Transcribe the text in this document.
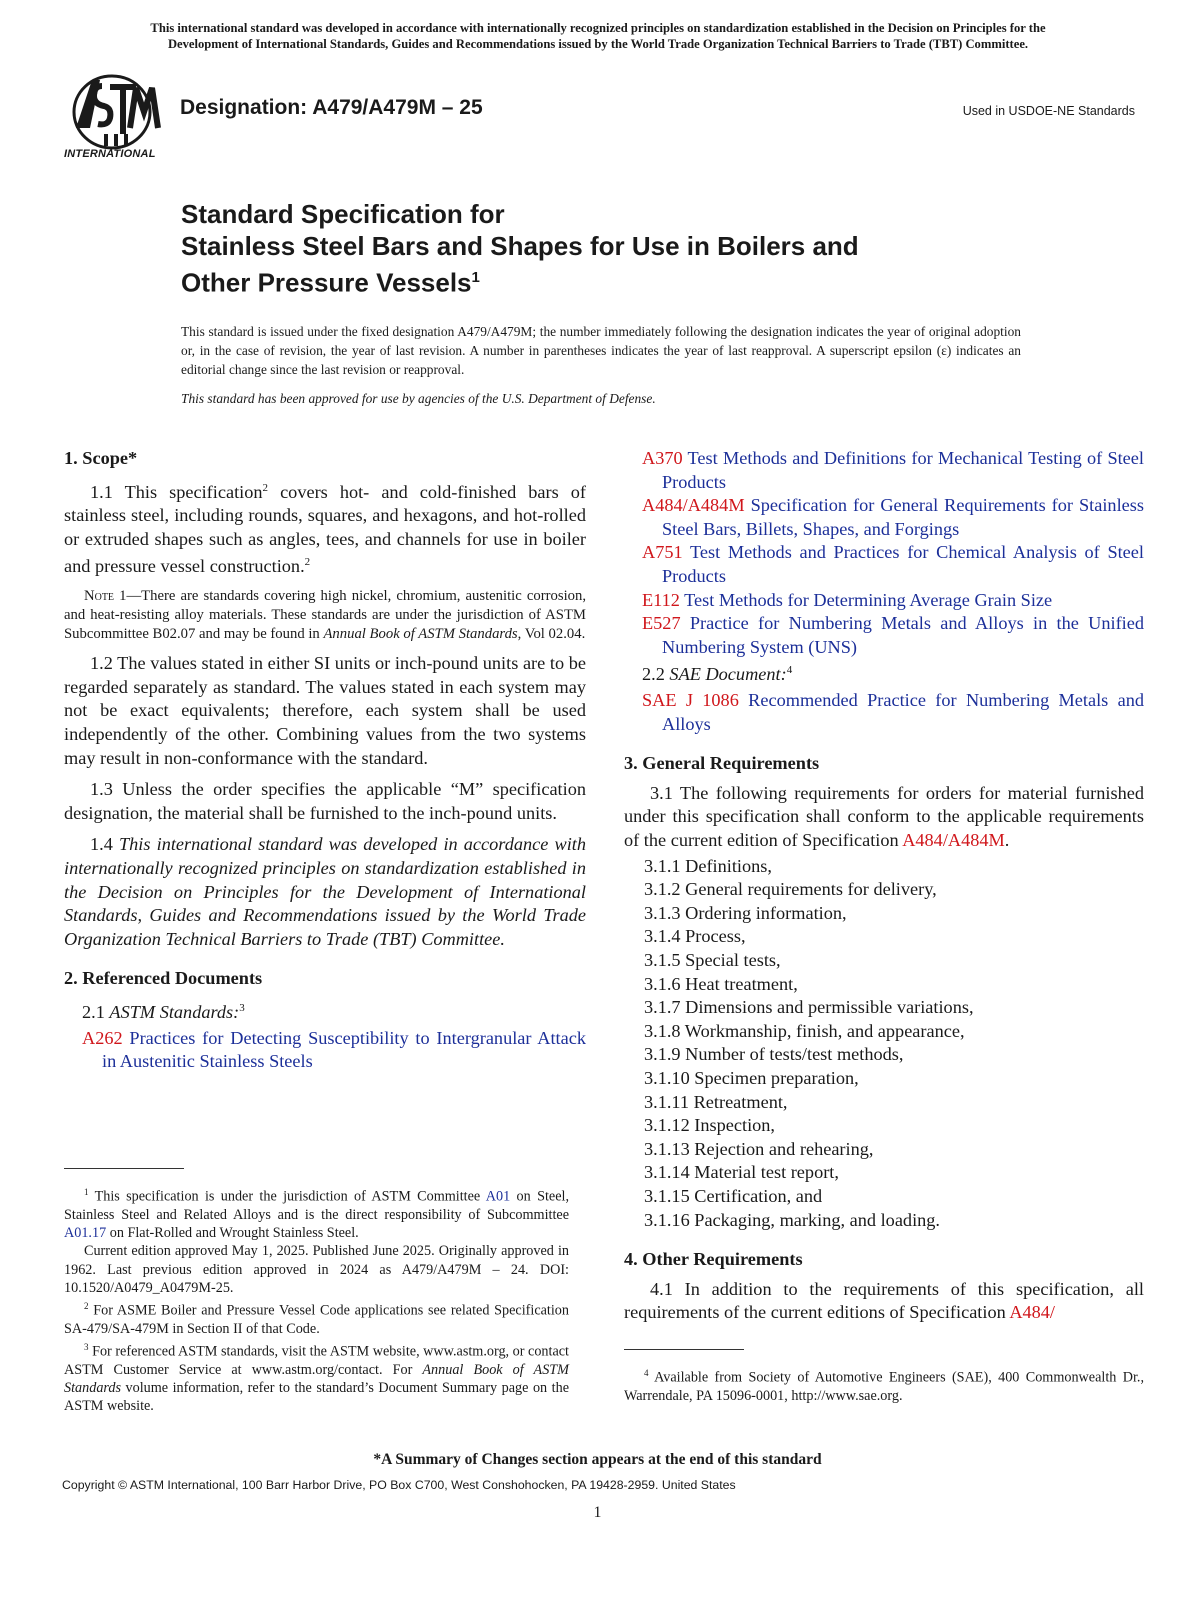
This international standard was developed in accordance with internationally recognized principles on standardization established in the Decision on Principles for the
Development of International Standards, Guides and Recommendations issued by the World Trade Organization Technical Barriers to Trade (TBT) Committee.
INTERNATIONAL
Designation: A479/A479M – 25	Used in USDOE-NE Standards
Standard Specification for
Stainless Steel Bars and Shapes for Use in Boilers and
Other Pressure Vessels$^1$
This standard is issued under the fixed designation A479/A479M; the number immediately following the designation indicates the year of original adoption or, in the case of revision, the year of last revision. A number in parentheses indicates the year of last reapproval. A superscript epsilon (ε) indicates an editorial change since the last revision or reapproval.
This standard has been approved for use by agencies of the U.S. Department of Defense.
1. Scope*
1.1 This specification$^2$ covers hot- and cold-finished bars of stainless steel, including rounds, squares, and hexagons, and hot-rolled or extruded shapes such as angles, tees, and channels for use in boiler and pressure vessel construction.$^2$
Note 1—There are standards covering high nickel, chromium, austenitic corrosion, and heat-resisting alloy materials. These standards are under the jurisdiction of ASTM Subcommittee B02.07 and may be found in Annual Book of ASTM Standards, Vol 02.04.
1.2 The values stated in either SI units or inch-pound units are to be regarded separately as standard. The values stated in each system may not be exact equivalents; therefore, each system shall be used independently of the other. Combining values from the two systems may result in non-conformance with the standard.
1.3 Unless the order specifies the applicable “M” specification designation, the material shall be furnished to the inch-pound units.
1.4 This international standard was developed in accordance with internationally recognized principles on standardization established in the Decision on Principles for the Development of International Standards, Guides and Recommendations issued by the World Trade Organization Technical Barriers to Trade (TBT) Committee.
2. Referenced Documents
2.1 ASTM Standards:$^3$
A262 Practices for Detecting Susceptibility to Intergranular Attack in Austenitic Stainless Steels

$^1$ This specification is under the jurisdiction of ASTM Committee A01 on Steel, Stainless Steel and Related Alloys and is the direct responsibility of Subcommittee A01.17 on Flat-Rolled and Wrought Stainless Steel.

Current edition approved May 1, 2025. Published June 2025. Originally approved in 1962. Last previous edition approved in 2024 as A479/A479M – 24. DOI: 10.1520/A0479_A0479M-25.

$^2$ For ASME Boiler and Pressure Vessel Code applications see related Specification SA-479/SA-479M in Section II of that Code.

$^3$ For referenced ASTM standards, visit the ASTM website, www.astm.org, or contact ASTM Customer Service at www.astm.org/contact. For Annual Book of ASTM Standards volume information, refer to the standard’s Document Summary page on the ASTM website.

A370 Test Methods and Definitions for Mechanical Testing of Steel Products
A484/A484M Specification for General Requirements for Stainless Steel Bars, Billets, Shapes, and Forgings
A751 Test Methods and Practices for Chemical Analysis of Steel Products
E112 Test Methods for Determining Average Grain Size
E527 Practice for Numbering Metals and Alloys in the Unified Numbering System (UNS)
2.2 SAE Document:$^4$
SAE J 1086 Recommended Practice for Numbering Metals and Alloys
3. General Requirements
3.1 The following requirements for orders for material furnished under this specification shall conform to the applicable requirements of the current edition of Specification A484/A484M.
3.1.1 Definitions,
3.1.2 General requirements for delivery,
3.1.3 Ordering information,
3.1.4 Process,
3.1.5 Special tests,
3.1.6 Heat treatment,
3.1.7 Dimensions and permissible variations,
3.1.8 Workmanship, finish, and appearance,
3.1.9 Number of tests/test methods,
3.1.10 Specimen preparation,
3.1.11 Retreatment,
3.1.12 Inspection,
3.1.13 Rejection and rehearing,
3.1.14 Material test report,
3.1.15 Certification, and
3.1.16 Packaging, marking, and loading.
4. Other Requirements
4.1 In addition to the requirements of this specification, all requirements of the current editions of Specification A484/

$^4$ Available from Society of Automotive Engineers (SAE), 400 Commonwealth Dr., Warrendale, PA 15096-0001, http://www.sae.org.

*A Summary of Changes section appears at the end of this standard
Copyright © ASTM International, 100 Barr Harbor Drive, PO Box C700, West Conshohocken, PA 19428-2959. United States
1
